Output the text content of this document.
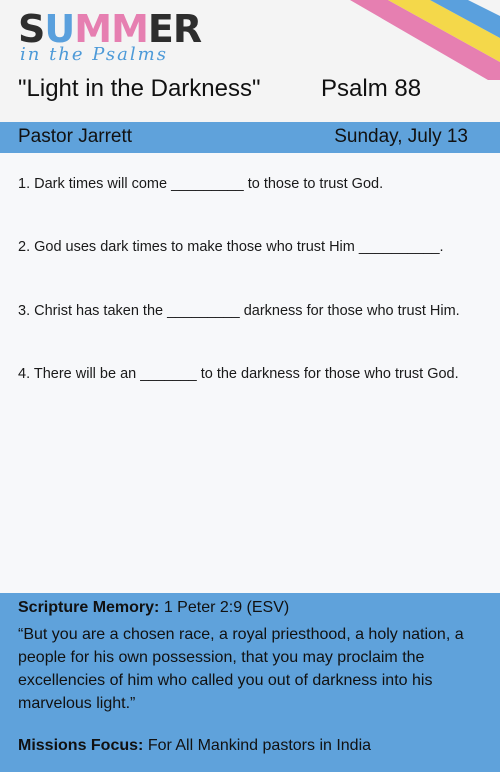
SUMMER
in the Psalms
"Light in the Darkness"	Psalm 88
Pastor Jarrett	Sunday, July 13
1. Dark times will come _________ to those to trust God.
2. God uses dark times to make those who trust Him __________.
3. Christ has taken the _________ darkness for those who trust Him.
4. There will be an _______ to the darkness for those who trust God.
Scripture Memory: 1 Peter 2:9 (ESV)
“But you are a chosen race, a royal priesthood, a holy nation, a people for his own possession, that you may proclaim the excellencies of him who called you out of darkness into his marvelous light.”
Missions Focus: For All Mankind pastors in India
